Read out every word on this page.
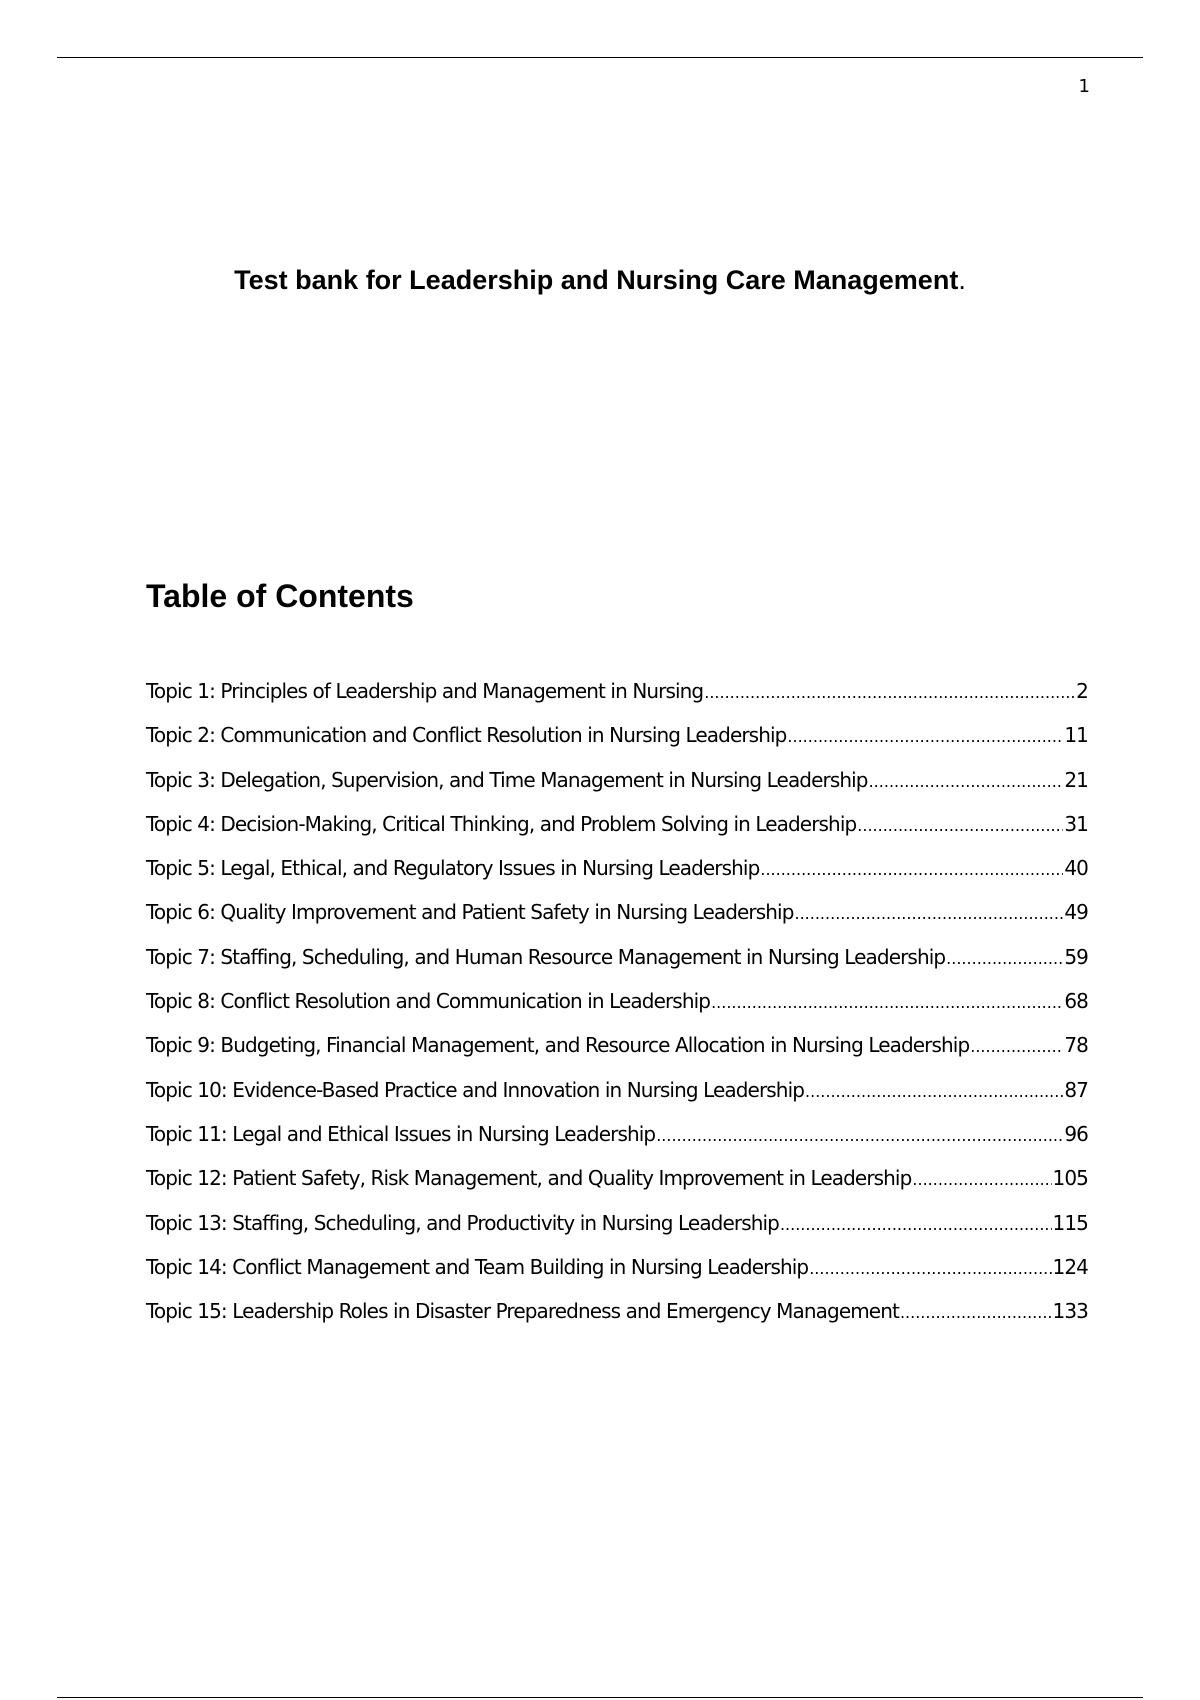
1
Test bank for Leadership and Nursing Care Management.
Table of Contents
Topic 1: Principles of Leadership and Management in Nursing .....	2
Topic 2: Communication and Conflict Resolution in Nursing Leadership .....	11
Topic 3: Delegation, Supervision, and Time Management in Nursing Leadership .....	21
Topic 4: Decision-Making, Critical Thinking, and Problem Solving in Leadership .....	31
Topic 5: Legal, Ethical, and Regulatory Issues in Nursing Leadership .....	40
Topic 6: Quality Improvement and Patient Safety in Nursing Leadership .....	49
Topic 7: Staffing, Scheduling, and Human Resource Management in Nursing Leadership .....	59
Topic 8: Conflict Resolution and Communication in Leadership .....	68
Topic 9: Budgeting, Financial Management, and Resource Allocation in Nursing Leadership .....	78
Topic 10: Evidence-Based Practice and Innovation in Nursing Leadership .....	87
Topic 11: Legal and Ethical Issues in Nursing Leadership .....	96
Topic 12: Patient Safety, Risk Management, and Quality Improvement in Leadership .....	105
Topic 13: Staffing, Scheduling, and Productivity in Nursing Leadership .....	115
Topic 14: Conflict Management and Team Building in Nursing Leadership .....	124
Topic 15: Leadership Roles in Disaster Preparedness and Emergency Management .....	133
